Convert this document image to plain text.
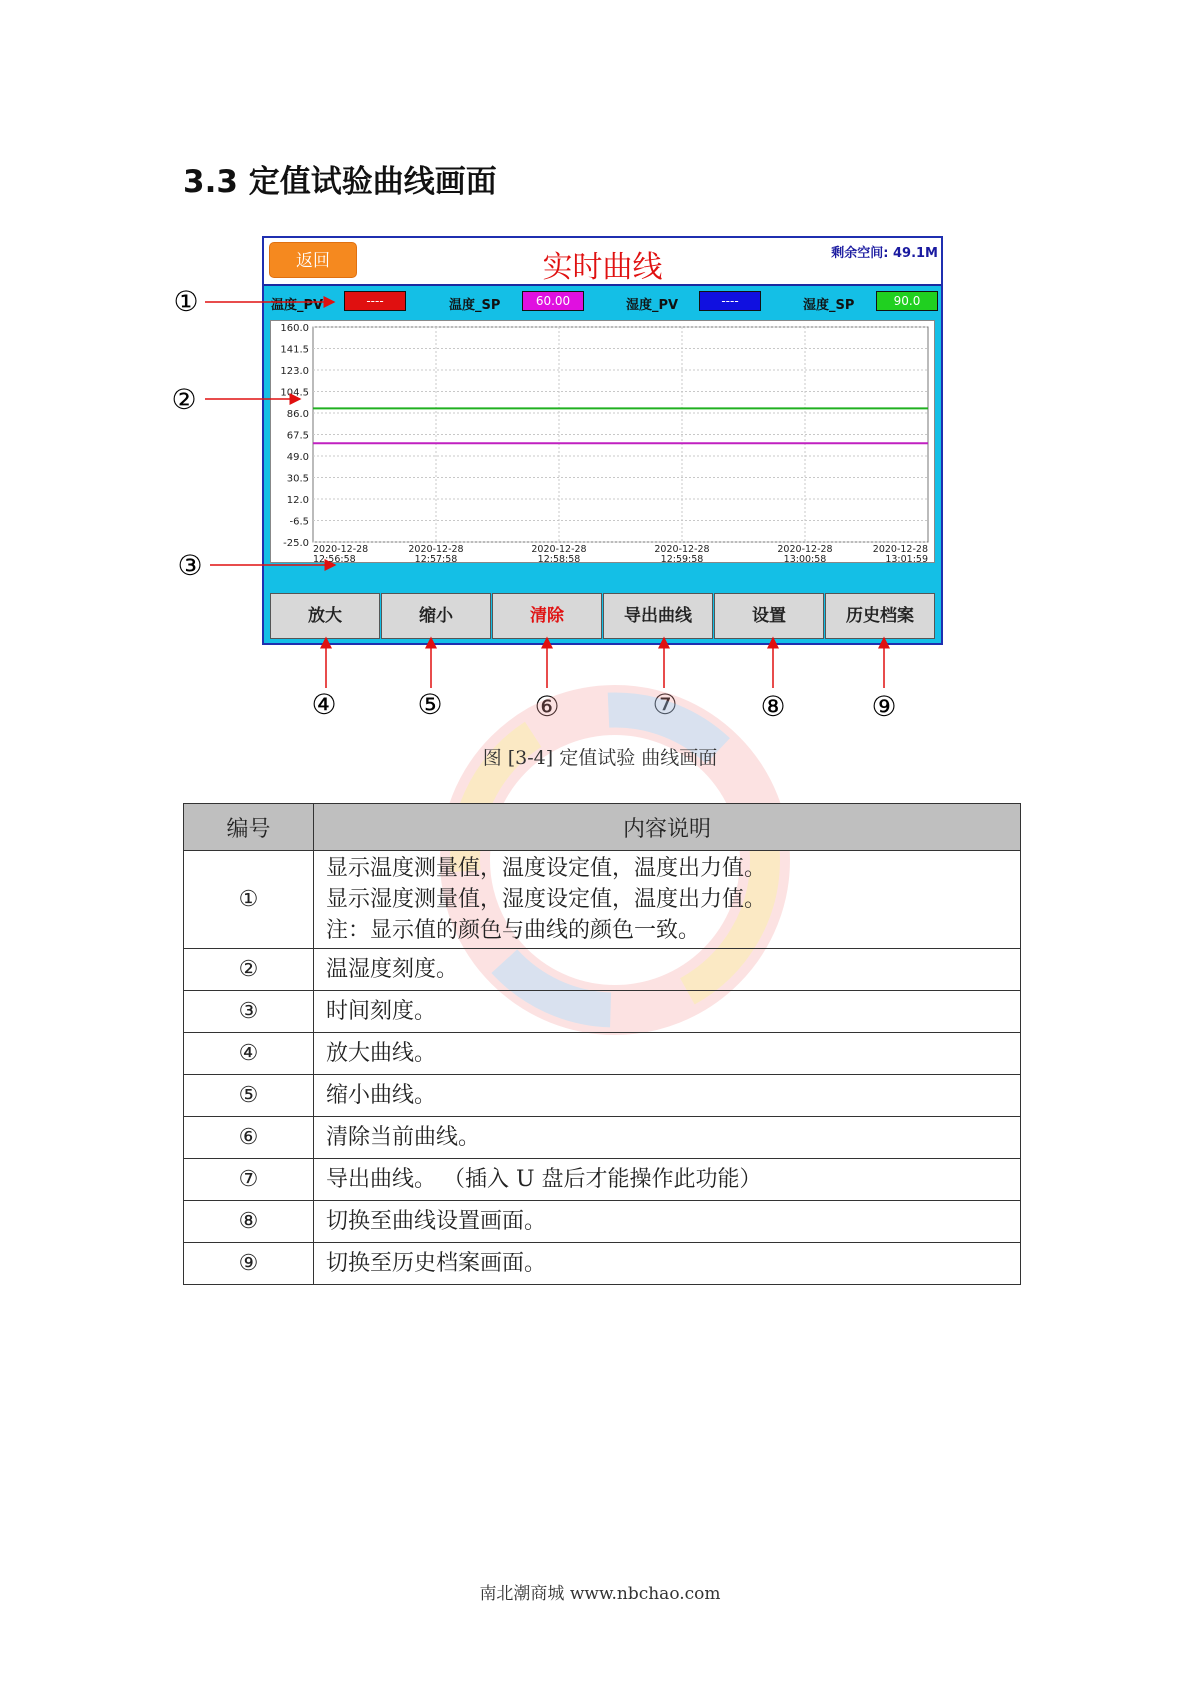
3.3 定值试验曲线画面
返回	实时曲线	剩余空间: 49.1M
温度_PV	----	温度_SP	60.00	湿度_PV	----	湿度_SP	90.0
160.0
141.5
123.0
104.5
86.0
67.5
49.0
30.5
12.0
-6.5
-25.0
2020-12-28
12:56:58
2020-12-28
12:57:58
2020-12-28
12:58:58
2020-12-28
12:59:58
2020-12-28
13:00:58
2020-12-28
13:01:59
放大	缩小	清除	导出曲线	设置	历史档案
①
②
③
④	⑤	⑥	⑦	⑧	⑨
图 [3-4] 定值试验 曲线画面
编号	内容说明
①	显示温度测量值，温度设定值，温度出力值。
显示湿度测量值，湿度设定值，温度出力值。
注：显示值的颜色与曲线的颜色一致。

②	温湿度刻度。

③	时间刻度。

④	放大曲线。

⑤	缩小曲线。

⑥	清除当前曲线。

⑦	导出曲线。 （插入 U 盘后才能操作此功能）

⑧	切换至曲线设置画面。

⑨	切换至历史档案画面。
南北潮商城 www.nbchao.com
